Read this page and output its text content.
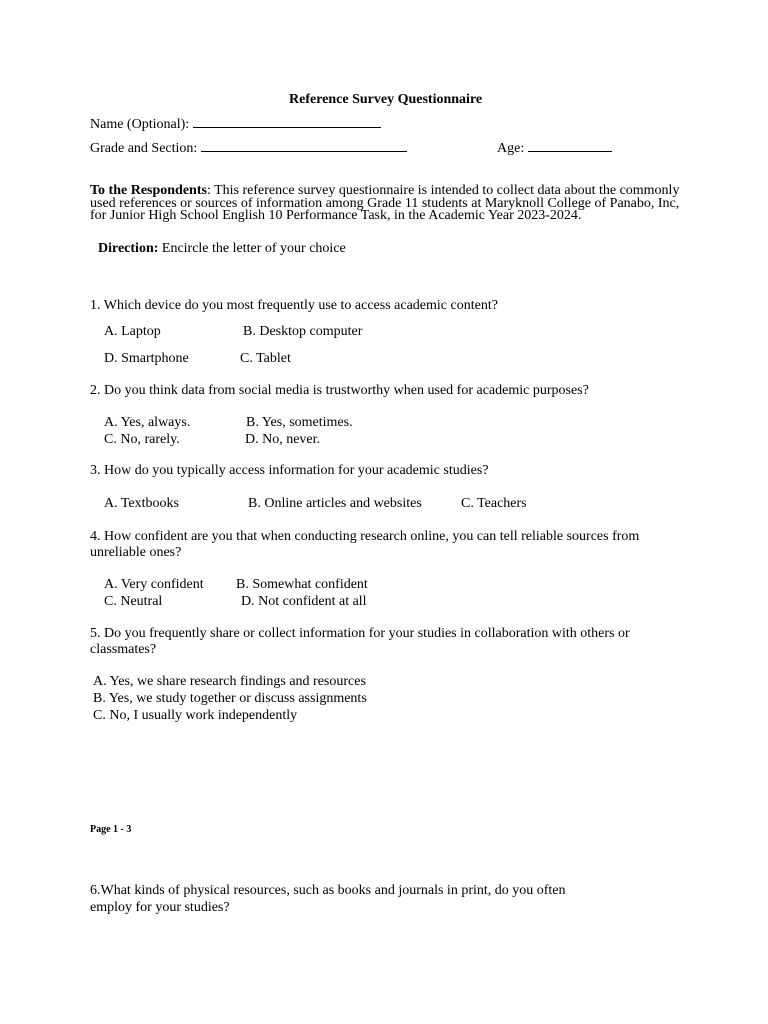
Reference Survey Questionnaire
Name (Optional):
Grade and Section:	Age:
To the Respondents: This reference survey questionnaire is intended to collect data about the commonly used references or sources of information among Grade 11 students at Maryknoll College of Panabo, Inc, for Junior High School English 10 Performance Task, in the Academic Year 2023-2024.
Direction: Encircle the letter of your choice
1. Which device do you most frequently use to access academic content?
A. Laptop	B. Desktop computer
D. Smartphone	C. Tablet
2. Do you think data from social media is trustworthy when used for academic purposes?
A. Yes, always.	B. Yes, sometimes.
C. No, rarely.	D. No, never.
3. How do you typically access information for your academic studies?
A. Textbooks	B. Online articles and websites	C. Teachers
4. How confident are you that when conducting research online, you can tell reliable sources from
unreliable ones?
A. Very confident B. Somewhat confident
C. Neutral	D. Not confident at all
5. Do you frequently share or collect information for your studies in collaboration with others or
classmates?
A. Yes, we share research findings and resources
B. Yes, we study together or discuss assignments
C. No, I usually work independently
Page 1 - 3
6.What kinds of physical resources, such as books and journals in print, do you often
employ for your studies?
